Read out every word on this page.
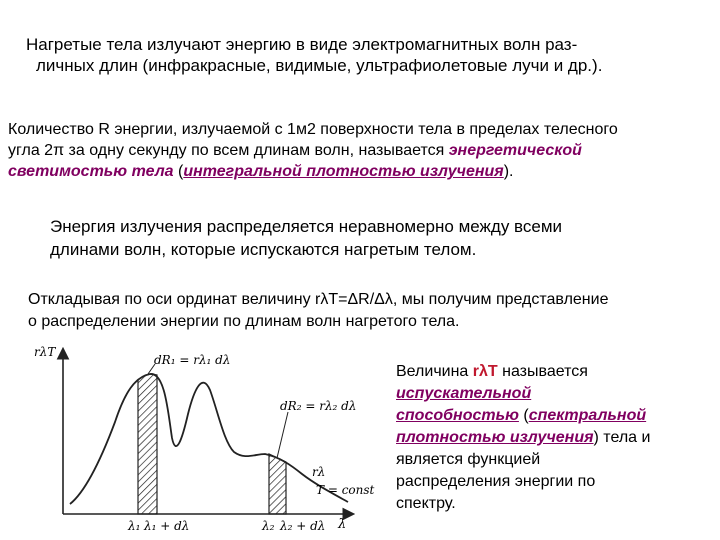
Нагретые тела излучают энергию в виде электромагнитных волн раз-
личных длин (инфракрасные, видимые, ультрафиолетовые лучи и др.).
Количество R энергии, излучаемой с 1м2 поверхности тела в пределах телесного
угла 2π за одну секунду по всем длинам волн, называется энергетической
светимостью тела (интегральной плотностью излучения).
Энергия излучения распределяется неравномерно между всеми
длинами волн, которые испускаются нагретым телом.
Откладывая по оси ординат величину rλT=ΔR/Δλ, мы получим представление
о распределении энергии по длинам волн нагретого тела.
Величина rλT называется
испускательной
способностью (спектральной
плотностью излучения) тела и
является функцией
распределения энергии по
спектру.
rλT
λ
dR₁ = rλ₁ dλ
dR₂ = rλ₂ dλ
rλ
T = const
λ₁ λ₁ + dλ	λ₂ λ₂ + dλ
